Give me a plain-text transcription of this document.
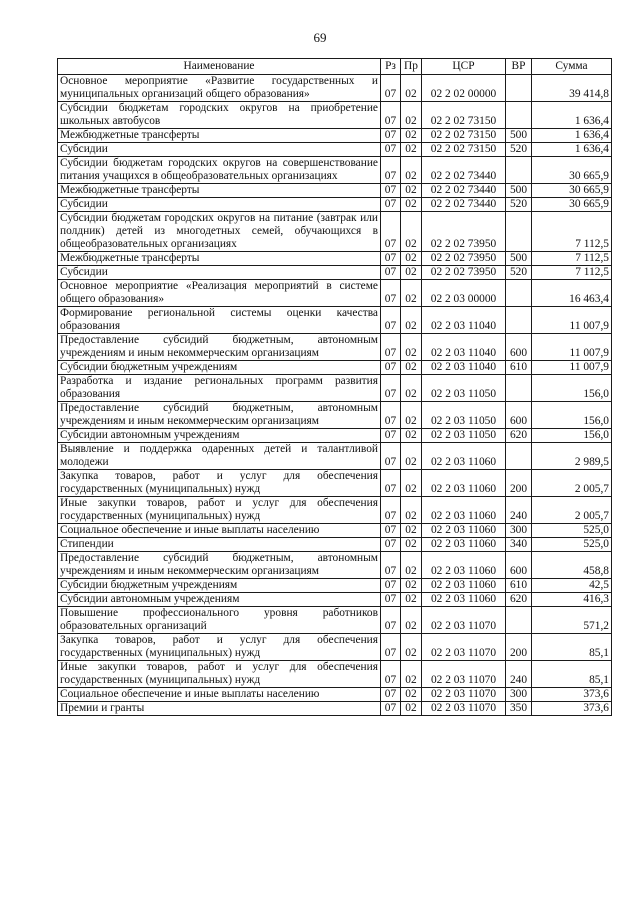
69
Наименование	Рз	Пр	ЦСР	ВР	Сумма
Основное мероприятие «Развитие государственных и муниципальных организаций общего образования»	07	02	02 2 02 00000		39 414,8
Субсидии бюджетам городских округов на приобретение школьных автобусов	07	02	02 2 02 73150		1 636,4
Межбюджетные трансферты	07	02	02 2 02 73150	500	1 636,4
Субсидии	07	02	02 2 02 73150	520	1 636,4
Субсидии бюджетам городских округов на совершенствование питания учащихся в общеобразовательных организациях	07	02	02 2 02 73440		30 665,9
Межбюджетные трансферты	07	02	02 2 02 73440	500	30 665,9
Субсидии	07	02	02 2 02 73440	520	30 665,9
Субсидии бюджетам городских округов на питание (завтрак или полдник) детей из многодетных семей, обучающихся в общеобразовательных организациях	07	02	02 2 02 73950		7 112,5
Межбюджетные трансферты	07	02	02 2 02 73950	500	7 112,5
Субсидии	07	02	02 2 02 73950	520	7 112,5
Основное мероприятие «Реализация мероприятий в системе общего образования»	07	02	02 2 03 00000		16 463,4
Формирование региональной системы оценки качества образования	07	02	02 2 03 11040		11 007,9
Предоставление субсидий бюджетным, автономным учреждениям и иным некоммерческим организациям	07	02	02 2 03 11040	600	11 007,9
Субсидии бюджетным учреждениям	07	02	02 2 03 11040	610	11 007,9
Разработка и издание региональных программ развития образования	07	02	02 2 03 11050		156,0
Предоставление субсидий бюджетным, автономным учреждениям и иным некоммерческим организациям	07	02	02 2 03 11050	600	156,0
Субсидии автономным учреждениям	07	02	02 2 03 11050	620	156,0
Выявление и поддержка одаренных детей и талантливой молодежи	07	02	02 2 03 11060		2 989,5
Закупка товаров, работ и услуг для обеспечения государственных (муниципальных) нужд	07	02	02 2 03 11060	200	2 005,7
Иные закупки товаров, работ и услуг для обеспечения государственных (муниципальных) нужд	07	02	02 2 03 11060	240	2 005,7
Социальное обеспечение и иные выплаты населению	07	02	02 2 03 11060	300	525,0
Стипендии	07	02	02 2 03 11060	340	525,0
Предоставление субсидий бюджетным, автономным учреждениям и иным некоммерческим организациям	07	02	02 2 03 11060	600	458,8
Субсидии бюджетным учреждениям	07	02	02 2 03 11060	610	42,5
Субсидии автономным учреждениям	07	02	02 2 03 11060	620	416,3
Повышение профессионального уровня работников образовательных организаций	07	02	02 2 03 11070		571,2
Закупка товаров, работ и услуг для обеспечения государственных (муниципальных) нужд	07	02	02 2 03 11070	200	85,1
Иные закупки товаров, работ и услуг для обеспечения государственных (муниципальных) нужд	07	02	02 2 03 11070	240	85,1
Социальное обеспечение и иные выплаты населению	07	02	02 2 03 11070	300	373,6
Премии и гранты	07	02	02 2 03 11070	350	373,6
